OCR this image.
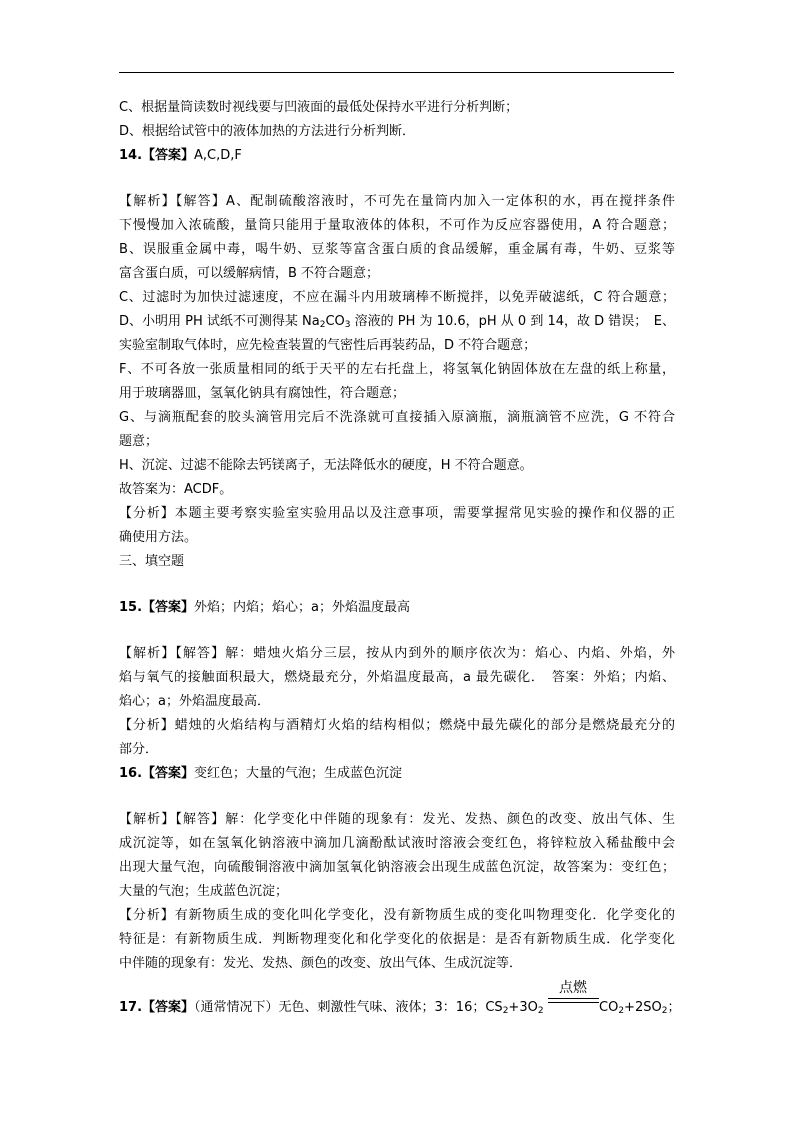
C、根据量筒读数时视线要与凹液面的最低处保持水平进行分析判断；
D、根据给试管中的液体加热的方法进行分析判断．
14.【答案】A,C,D,F
【解析】【解答】A、配制硫酸溶液时，不可先在量筒内加入一定体积的水，再在搅拌条件
下慢慢加入浓硫酸，量筒只能用于量取液体的体积，不可作为反应容器使用，A 符合题意；
B、误服重金属中毒，喝牛奶、豆浆等富含蛋白质的食品缓解，重金属有毒，牛奶、豆浆等
富含蛋白质，可以缓解病情，B 不符合题意；
C、过滤时为加快过滤速度，不应在漏斗内用玻璃棒不断搅拌，以免弄破滤纸，C 符合题意；
D、小明用 PH 试纸不可测得某 $Na_2CO_3$ 溶液的 PH 为 10.6，pH 从 0 到 14，故 D 错误；　E、
实验室制取气体时，应先检查装置的气密性后再装药品，D 不符合题意；
F、不可各放一张质量相同的纸于天平的左右托盘上，将氢氧化钠固体放在左盘的纸上称量，
用于玻璃器皿，氢氧化钠具有腐蚀性，符合题意；
G、与滴瓶配套的胶头滴管用完后不洗涤就可直接插入原滴瓶，滴瓶滴管不应洗，G 不符合
题意；
H、沉淀、过滤不能除去钙镁离子，无法降低水的硬度，H 不符合题意。
故答案为：ACDF。
【分析】本题主要考察实验室实验用品以及注意事项，需要掌握常见实验的操作和仪器的正
确使用方法。
三、填空题
15.【答案】外焰；内焰；焰心；a；外焰温度最高
【解析】【解答】解：蜡烛火焰分三层，按从内到外的顺序依次为：焰心、内焰、外焰，外
焰与氧气的接触面积最大，燃烧最充分，外焰温度最高，a 最先碳化．　答案：外焰；内焰、
焰心；a；外焰温度最高．
【分析】蜡烛的火焰结构与酒精灯火焰的结构相似；燃烧中最先碳化的部分是燃烧最充分的
部分．
16.【答案】变红色；大量的气泡；生成蓝色沉淀
【解析】【解答】解：化学变化中伴随的现象有：发光、发热、颜色的改变、放出气体、生
成沉淀等，如在氢氧化钠溶液中滴加几滴酚酞试液时溶液会变红色，将锌粒放入稀盐酸中会
出现大量气泡，向硫酸铜溶液中滴加氢氧化钠溶液会出现生成蓝色沉淀，故答案为：变红色；
大量的气泡；生成蓝色沉淀；
【分析】有新物质生成的变化叫化学变化，没有新物质生成的变化叫物理变化．化学变化的
特征是：有新物质生成．判断物理变化和化学变化的依据是：是否有新物质生成．化学变化
中伴随的现象有：发光、发热、颜色的改变、放出气体、生成沉淀等．
点燃
17.【答案】（通常情况下）无色、刺激性气味、液体；3：16；$CS_2+3O_2$	$CO_2+2SO_2$；
